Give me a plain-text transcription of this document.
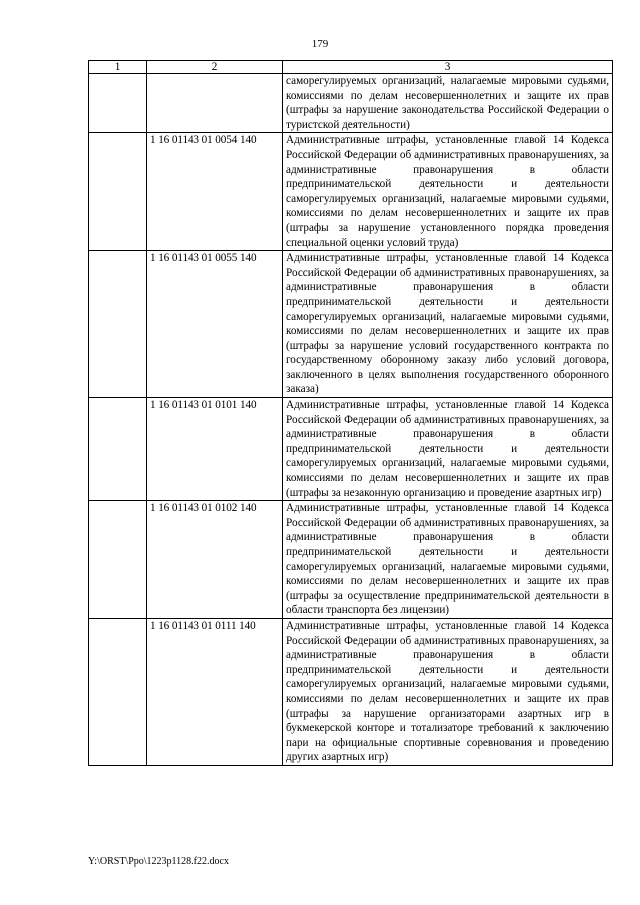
179
1	2	3
		саморегулируемых организаций, налагаемые мировыми судьями, комиссиями по делам несовершеннолетних и защите их прав (штрафы за нарушение законодательства Российской Федерации о туристской деятельности)
	1 16 01143 01 0054 140	Административные штрафы, установленные главой 14 Кодекса Российской Федерации об административных правонарушениях, за административные правонарушения в области предпринимательской деятельности и деятельности саморегулируемых организаций, налагаемые мировыми судьями, комиссиями по делам несовершеннолетних и защите их прав (штрафы за нарушение установленного порядка проведения специальной оценки условий труда)
	1 16 01143 01 0055 140	Административные штрафы, установленные главой 14 Кодекса Российской Федерации об административных правонарушениях, за административные правонарушения в области предпринимательской деятельности и деятельности саморегулируемых организаций, налагаемые мировыми судьями, комиссиями по делам несовершеннолетних и защите их прав (штрафы за нарушение условий государственного контракта по государственному оборонному заказу либо условий договора, заключенного в целях выполнения государственного оборонного заказа)
	1 16 01143 01 0101 140	Административные штрафы, установленные главой 14 Кодекса Российской Федерации об административных правонарушениях, за административные правонарушения в области предпринимательской деятельности и деятельности саморегулируемых организаций, налагаемые мировыми судьями, комиссиями по делам несовершеннолетних и защите их прав (штрафы за незаконную организацию и проведение азартных игр)
	1 16 01143 01 0102 140	Административные штрафы, установленные главой 14 Кодекса Российской Федерации об административных правонарушениях, за административные правонарушения в области предпринимательской деятельности и деятельности саморегулируемых организаций, налагаемые мировыми судьями, комиссиями по делам несовершеннолетних и защите их прав (штрафы за осуществление предпринимательской деятельности в области транспорта без лицензии)
	1 16 01143 01 0111 140	Административные штрафы, установленные главой 14 Кодекса Российской Федерации об административных правонарушениях, за административные правонарушения в области предпринимательской деятельности и деятельности саморегулируемых организаций, налагаемые мировыми судьями, комиссиями по делам несовершеннолетних и защите их прав (штрафы за нарушение организаторами азартных игр в букмекерской конторе и тотализаторе требований к заключению пари на официальные спортивные соревнования и проведению других азартных игр)
Y:\ORST\Ppo\1223p1128.f22.docx
